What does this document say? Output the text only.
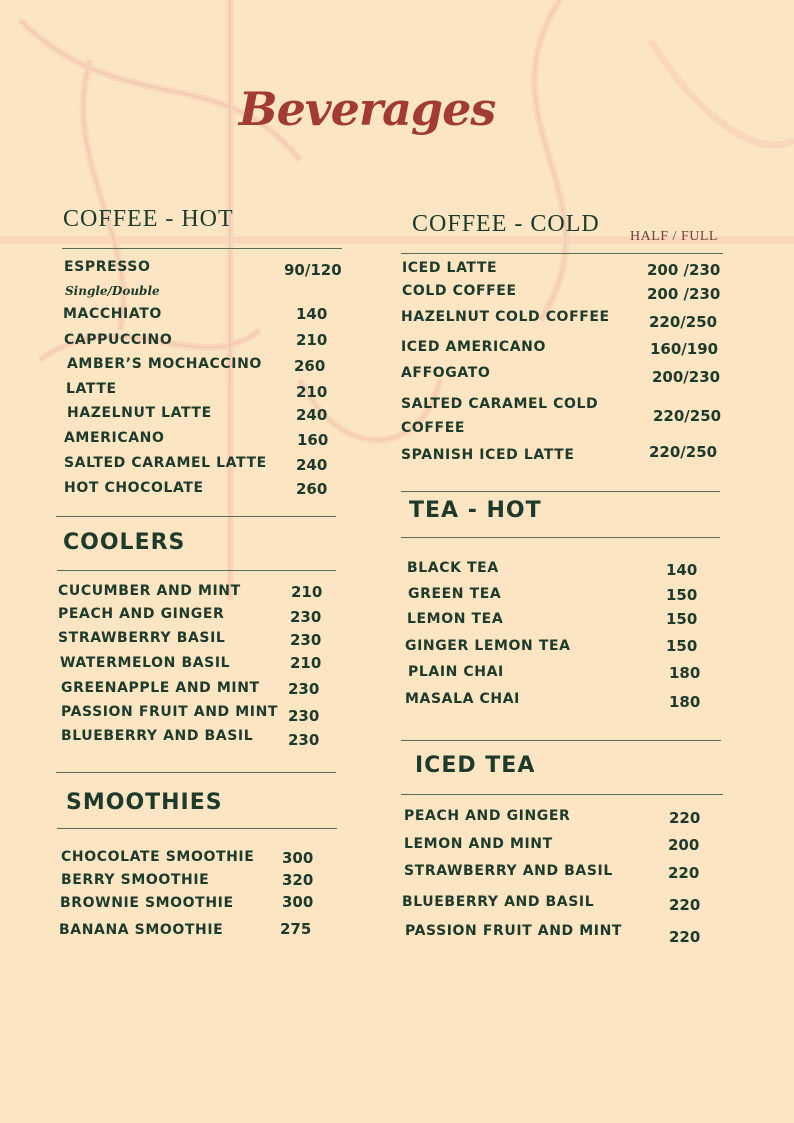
Beverages
COFFEE - HOT
ESPRESSO	90/120
Single/Double
MACCHIATO	140
CAPPUCCINO	210
AMBER’S MOCHACCINO 260
LATTE	210
HAZELNUT LATTE	240
AMERICANO	160
SALTED CARAMEL LATTE 240
HOT CHOCOLATE	260
COOLERS
CUCUMBER AND MINT	210
PEACH AND GINGER	230
STRAWBERRY BASIL	230
WATERMELON BASIL	210
GREENAPPLE AND MINT 230
PASSION FRUIT AND MINT 230
BLUEBERRY AND BASIL 230
SMOOTHIES
CHOCOLATE SMOOTHIE 300
BERRY SMOOTHIE	320
BROWNIE SMOOTHIE	300
BANANA SMOOTHIE	275
COFFEE - COLD HALF / FULL
ICED LATTE	200 /230
COLD COFFEE	200 /230
HAZELNUT COLD COFFEE	220/250
ICED AMERICANO	160/190
AFFOGATO	200/230
SALTED CARAMEL COLD
COFFEE
220/250
SPANISH ICED LATTE	220/250
TEA - HOT
BLACK TEA	140
GREEN TEA	150
LEMON TEA	150
GINGER LEMON TEA	150
PLAIN CHAI	180
MASALA CHAI	180
ICED TEA
PEACH AND GINGER	220
LEMON AND MINT	200
STRAWBERRY AND BASIL	220
BLUEBERRY AND BASIL	220
PASSION FRUIT AND MINT	220
